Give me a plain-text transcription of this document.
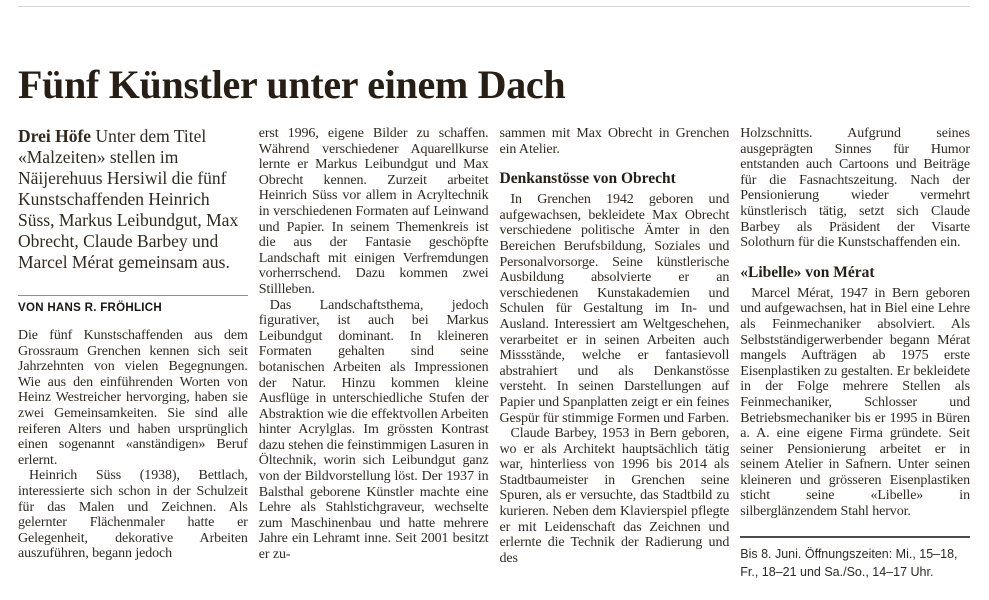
Fünf Künstler unter einem Dach

Drei Höfe Unter dem Titel «Malzeiten» stellen im Näijerehuus Hersiwil die fünf Kunstschaffenden Heinrich Süss, Markus Leibundgut, Max Obrecht, Claude Barbey und Marcel Mérat gemeinsam aus.

VON HANS R. FRÖHLICH

Die fünf Kunstschaffenden aus dem Grossraum Grenchen kennen sich seit Jahrzehnten von vielen Begegnungen. Wie aus den einführenden Worten von Heinz Westreicher hervorging, haben sie zwei Gemeinsamkeiten. Sie sind alle reiferen Alters und haben ursprünglich einen sogenannt «anständigen» Beruf erlernt.

Heinrich Süss (1938), Bettlach, interessierte sich schon in der Schulzeit für das Malen und Zeichnen. Als gelernter Flächenmaler hatte er Gelegenheit, dekorative Arbeiten auszuführen, begann jedoch

erst 1996, eigene Bilder zu schaffen. Während verschiedener Aquarellkurse lernte er Markus Leibundgut und Max Obrecht kennen. Zurzeit arbeitet Heinrich Süss vor allem in Acryltechnik in verschiedenen Formaten auf Leinwand und Papier. In seinem Themenkreis ist die aus der Fantasie geschöpfte Landschaft mit einigen Verfremdungen vorherrschend. Dazu kommen zwei Stillleben.

Das Landschaftsthema, jedoch figurativer, ist auch bei Markus Leibundgut dominant. In kleineren Formaten gehalten sind seine botanischen Arbeiten als Impressionen der Natur. Hinzu kommen kleine Ausflüge in unterschiedliche Stufen der Abstraktion wie die effektvollen Arbeiten hinter Acrylglas. Im grössten Kontrast dazu stehen die feinstimmigen Lasuren in Öltechnik, worin sich Leibundgut ganz von der Bildvorstellung löst. Der 1937 in Balsthal geborene Künstler machte eine Lehre als Stahlstichgraveur, wechselte zum Maschinenbau und hatte mehrere Jahre ein Lehramt inne. Seit 2001 besitzt er zu-

sammen mit Max Obrecht in Grenchen ein Atelier.

Denkanstösse von Obrecht

In Grenchen 1942 geboren und aufgewachsen, bekleidete Max Obrecht verschiedene politische Ämter in den Bereichen Berufsbildung, Soziales und Personalvorsorge. Seine künstlerische Ausbildung absolvierte er an verschiedenen Kunstakademien und Schulen für Gestaltung im In- und Ausland. Interessiert am Weltgeschehen, verarbeitet er in seinen Arbeiten auch Missstände, welche er fantasievoll abstrahiert und als Denkanstösse versteht. In seinen Darstellungen auf Papier und Spanplatten zeigt er ein feines Gespür für stimmige Formen und Farben.

Claude Barbey, 1953 in Bern geboren, wo er als Architekt hauptsächlich tätig war, hinterliess von 1996 bis 2014 als Stadtbaumeister in Grenchen seine Spuren, als er versuchte, das Stadtbild zu kurieren. Neben dem Klavierspiel pflegte er mit Leidenschaft das Zeichnen und erlernte die Technik der Radierung und des

Holzschnitts. Aufgrund seines ausgeprägten Sinnes für Humor entstanden auch Cartoons und Beiträge für die Fasnachtszeitung. Nach der Pensionierung wieder vermehrt künstlerisch tätig, setzt sich Claude Barbey als Präsident der Visarte Solothurn für die Kunstschaffenden ein.

«Libelle» von Mérat

Marcel Mérat, 1947 in Bern geboren und aufgewachsen, hat in Biel eine Lehre als Feinmechaniker absolviert. Als Selbstständigerwerbender begann Mérat mangels Aufträgen ab 1975 erste Eisenplastiken zu gestalten. Er bekleidete in der Folge mehrere Stellen als Feinmechaniker, Schlosser und Betriebsmechaniker bis er 1995 in Büren a. A. eine eigene Firma gründete. Seit seiner Pensionierung arbeitet er in seinem Atelier in Safnern. Unter seinen kleineren und grösseren Eisenplastiken sticht seine «Libelle» in silberglänzendem Stahl hervor.

Bis 8. Juni. Öffnungszeiten: Mi., 15–18, Fr., 18–21 und Sa./So., 14–17 Uhr.
